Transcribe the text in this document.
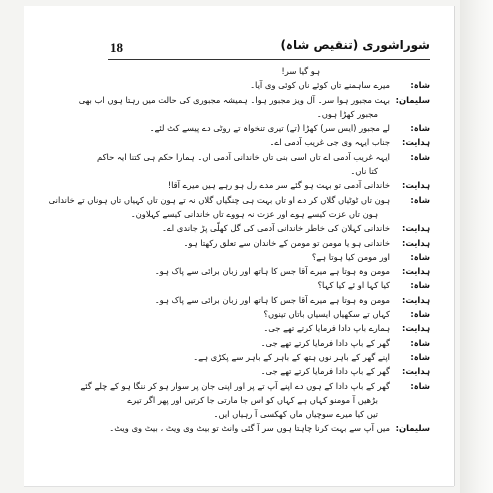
18	شوراشوری (تنقیص شاہ)
ہو گیا سر!
شاہ:
میرے ساہمنے تاں کوئے ناں کوئی وی آیا۔
سلیمان:
بہت مجبور ہوا سر۔ آل ویز مجبور ہوا۔ ہمیشہ مجبوری کی حالت میں رہتا ہوں اب بھی
مجبور کھڑا ہوں۔
شاہ:
لے مجبور (ایس سر) کھڑا (تے) تیری تنخواہ تے روٹی دے پیسے کٹ لئے۔
ہدایت:
جناب ایہہ وی جی غریب آدمی اے۔
شاہ:
ایہہ غریب آدمی اے تاں اسی بنی تاں خاندانی آدمی اں۔ ہمارا حکم ہی کتنا ایہ حاکم
کتا ناں۔
ہدایت:
خاندانی آدمی تو بہت ہو گئے سر مدے رل ہو رہے ہیں میرے آقا!
شاہ:
ہون تاں ٹوٹیاں گلاں کر دے او تاں بہت ہی چنگیاں گلاں نہ تے ہون تاں کہیاں تاں ہوناں تے خاندانی
ہون تاں عزت کیسے ہوے اور عزت نہ ہووے تاں خاندانی کیسے کہلاون۔
ہدایت:
خاندانی کہلان کی خاطر خاندانی آدمی کی گل کھلّی پڑ جاندی اے۔
ہدایت:
خاندانی ہو یا مومن تو مومن کے خاندان سے تعلق رکھتا ہو۔
شاہ:
اور مومن کیا ہوتا ہے؟
ہدایت:
مومن وہ ہوتا ہے میرے آقا جس کا ہاتھ اور زبان برائی سے پاک ہو۔
شاہ:
کیا کہا او ئے کیا کہا؟
ہدایت:
مومن وہ ہوتا ہے میرے آقا جس کا ہاتھ اور زبان برائی سے پاک ہو۔
شاہ:
کہاں تے سکھیاں ایسیاں باتاں تینوں؟
ہدایت:
ہمارے باپ دادا فرمایا کرتے تھے جی۔
شاہ:
گھر کے باپ دادا فرمایا کرتے تھے جی۔
شاہ:
اپنے گھر کے باہر نوں ہتھ کے باہر کے باہر سے پکڑی ہے۔
ہدایت:
گھر کے باپ دادا فرمایا کرتے تھے جی۔
شاہ:
گھر کے باپ دادا کے ہوں دے اپنے آپ تے پر اور اپنی جان پر سوار ہو کر ننگا ہو کے چلے گئے
بڑھیں آ مومنو کہاں ہے کہاں کو اس جا مارتی جا کرتیں اور پھر اگر تیرے
تیں کیا میرے سوچیاں ماں کھکسی آ رہیاں ایں۔
سلیمان:
میں آپ سے بہت کرنا چاہتا ہوں سر آ گئی وانٹ تو بیٹ وی ویٹ ، بیٹ وی ویٹ۔
